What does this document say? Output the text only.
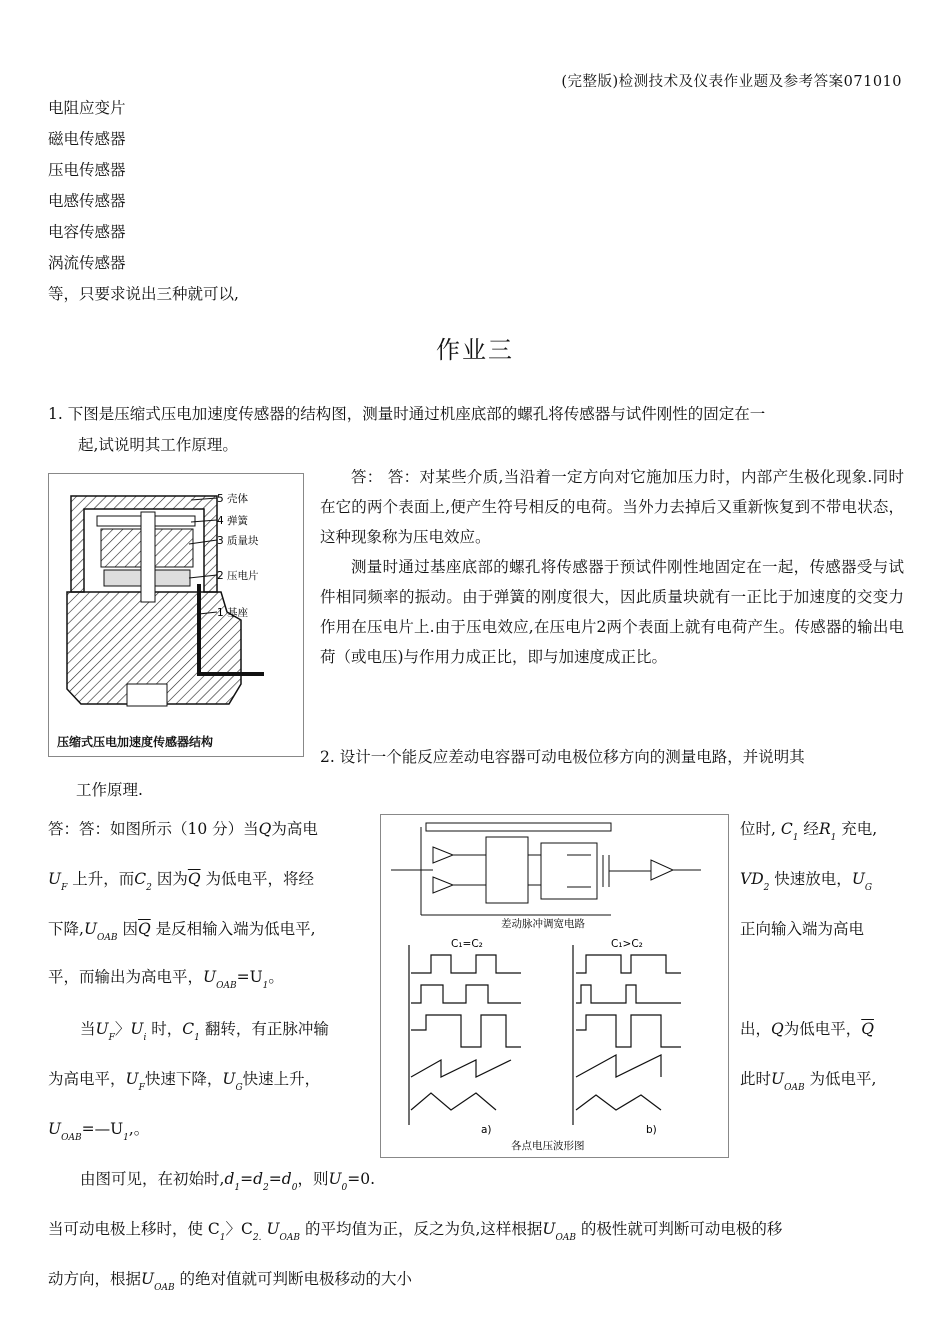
(完整版)检测技术及仪表作业题及参考答案071010
电阻应变片
磁电传感器
压电传感器
电感传感器
电容传感器
涡流传感器
等，只要求说出三种就可以,
作业三
1. 下图是压缩式压电加速度传感器的结构图，测量时通过机座底部的螺孔将传感器与试件刚性的固定在一
起,试说明其工作原理。
5 壳体
4 弹簧
3 质量块
2 压电片
1 基座
压缩式压电加速度传感器结构
答： 答：对某些介质,当沿着一定方向对它施加压力时，内部产生极化现象.同时在它的两个表面上,便产生符号相反的电荷。当外力去掉后又重新恢复到不带电状态，这种现象称为压电效应。
测量时通过基座底部的螺孔将传感器于预试件刚性地固定在一起，传感器受与试件相同频率的振动。由于弹簧的刚度很大，因此质量块就有一正比于加速度的交变力作用在压电片上.由于压电效应,在压电片2两个表面上就有电荷产生。传感器的输出电荷（或电压)与作用力成正比，即与加速度成正比。
2. 设计一个能反应差动电容器可动电极位移方向的测量电路，并说明其
工作原理.
差动脉冲调宽电路
C₁=C₂	C₁>C₂
a)	b)
各点电压波形图
答：答：如图所示（10 分）当Q为高电	位时, $C_1$ 经$R_1$ 充电,
$U_F$ 上升，而$C_2$ 因为$\overline{Q}$ 为低电平，将经	$VD_2$ 快速放电，$U_G$
下降$,U_{OAB}$ 因$\overline{Q}$ 是反相输入端为低电平,	正向输入端为高电
平，而输出为高电平，$U_{OAB}=U_1$。
当$U_F$〉$U_i$ 时，$C_1$ 翻转，有正脉冲输	出，Q为低电平，$\overline{Q}$
为高电平，$U_F$快速下降，$U_G$快速上升，	此时$U_{OAB}$ 为低电平,
$U_{OAB}=—U_1$,。
由图可见，在初始时$,d_1=d_2=d_0$，则$U_0=0$.
当可动电极上移时，使 $C_1$〉$C_{2.}$ $U_{OAB}$ 的平均值为正，反之为负,这样根据$U_{OAB}$ 的极性就可判断可动电极的移
动方向，根据$U_{OAB}$ 的绝对值就可判断电极移动的大小
